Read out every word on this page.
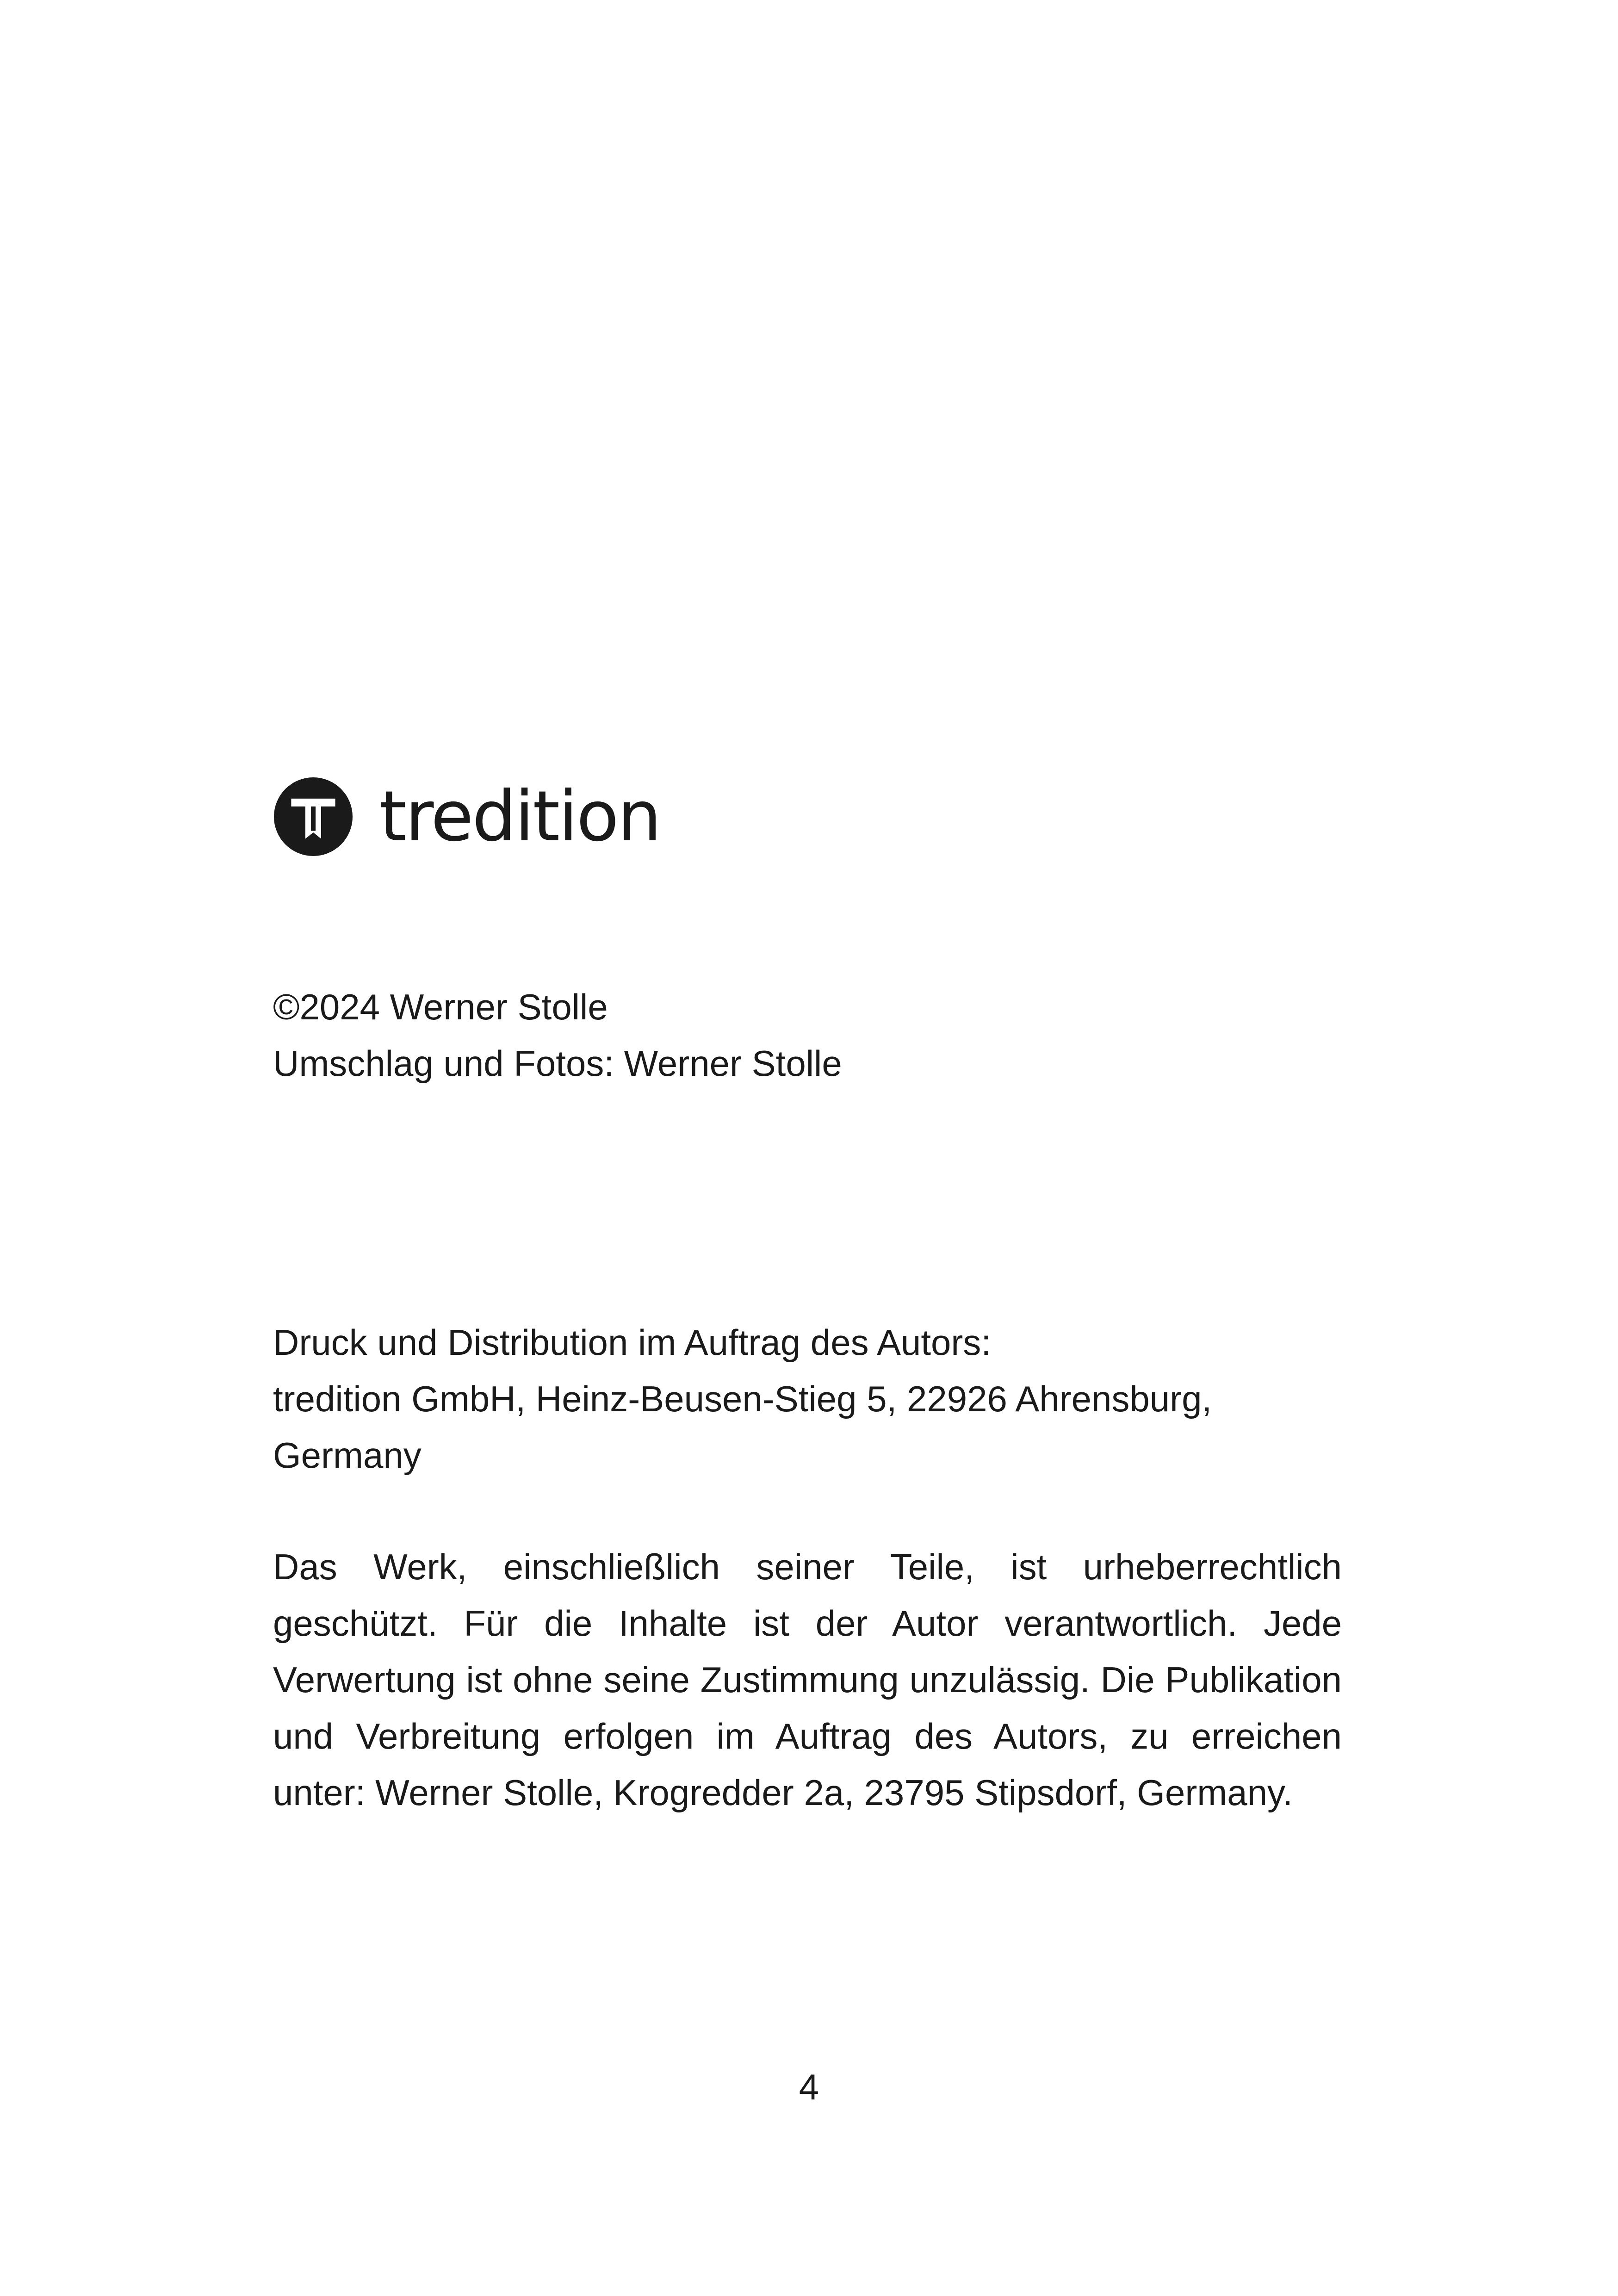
tredition
©2024 Werner Stolle
Umschlag und Fotos: Werner Stolle
Druck und Distribution im Auftrag des Autors:
tredition GmbH, Heinz-Beusen-Stieg 5, 22926 Ahrensburg,
Germany
Das Werk, einschließlich seiner Teile, ist urheberrechtlich geschützt. Für die Inhalte ist der Autor verantwortlich. Jede Verwertung ist ohne seine Zustimmung unzulässig. Die Publikation und Verbreitung erfolgen im Auftrag des Autors, zu erreichen unter: Werner Stolle, Krogredder 2a, 23795 Stipsdorf, Germany.
4
